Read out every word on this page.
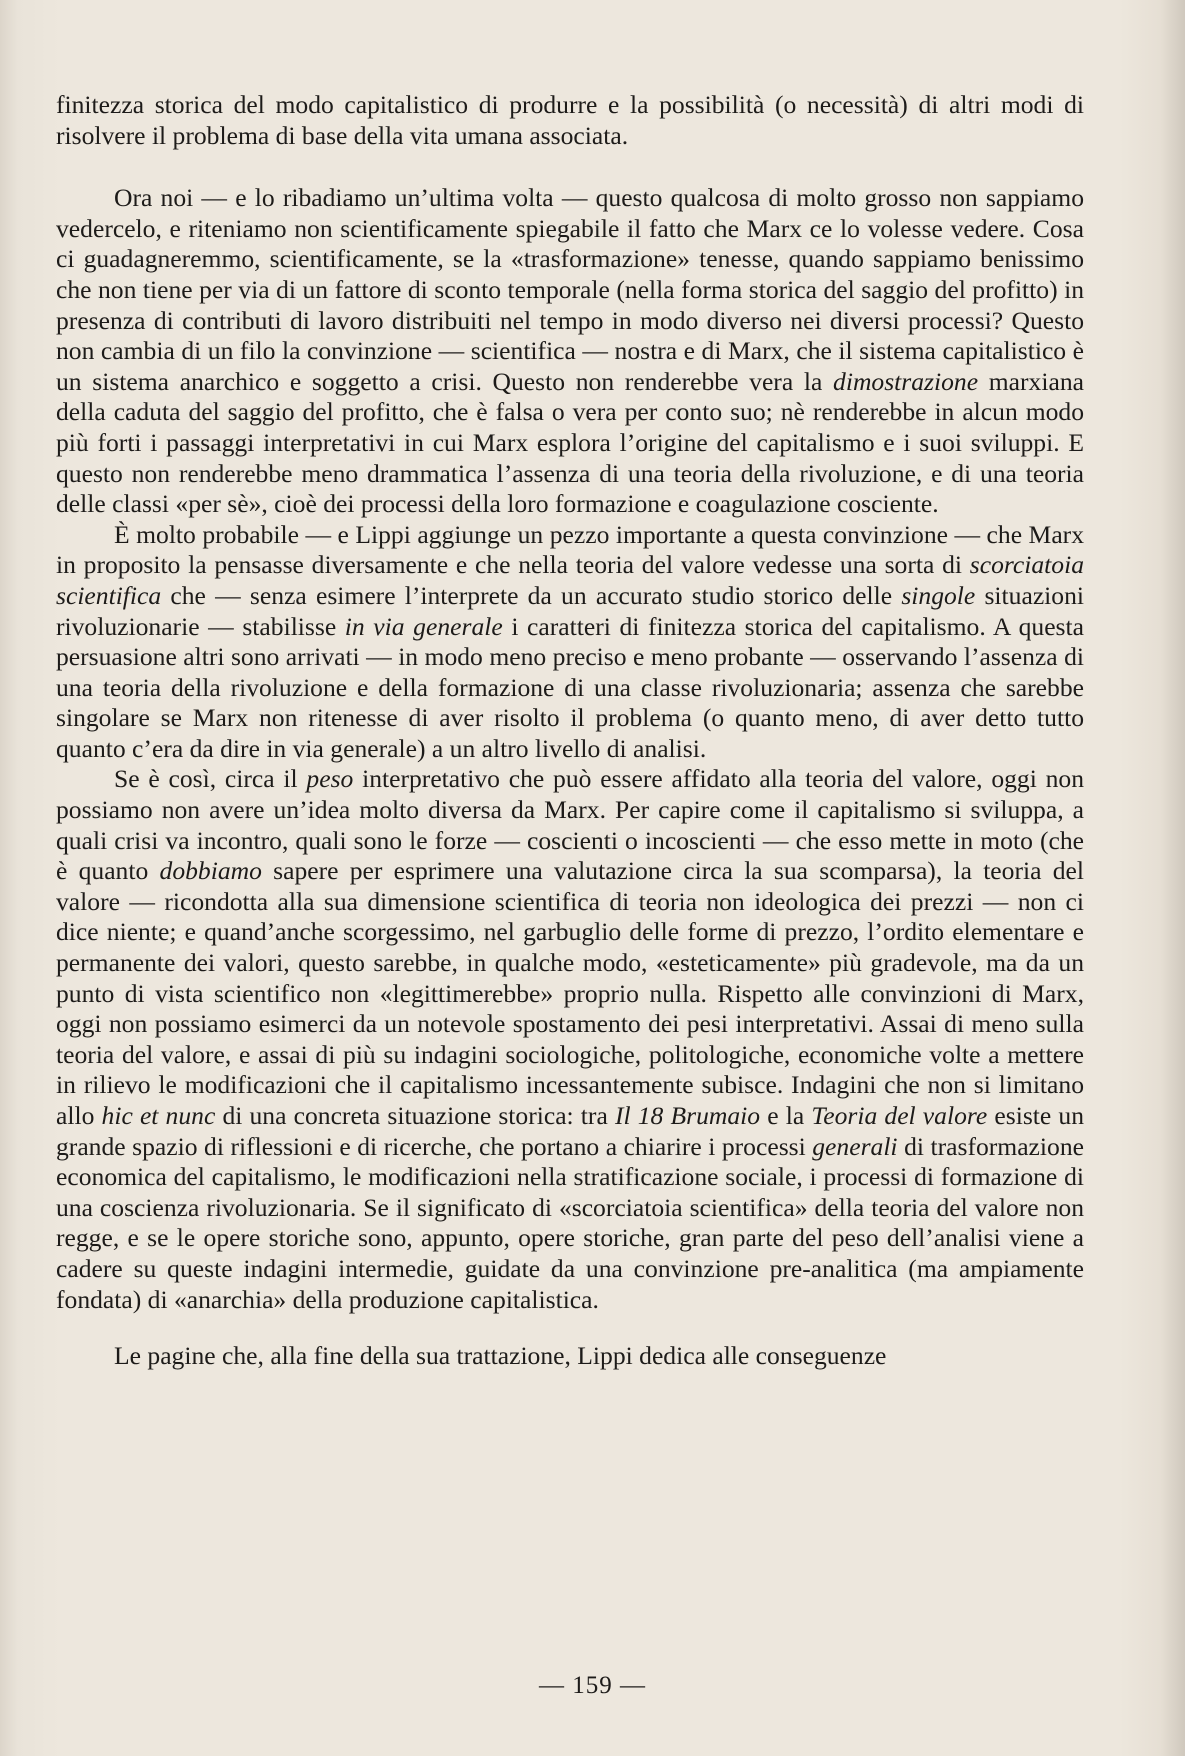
finitezza storica del modo capitalistico di produrre e la possibilità (o necessità) di altri modi di risolvere il problema di base della vita umana associata.

Ora noi — e lo ribadiamo un’ultima volta — questo qualcosa di molto grosso non sappiamo vedercelo, e riteniamo non scientificamente spiegabile il fatto che Marx ce lo volesse vedere. Cosa ci guadagneremmo, scientificamente, se la «trasformazione» tenesse, quando sappiamo benissimo che non tiene per via di un fattore di sconto temporale (nella forma storica del saggio del profitto) in presenza di contributi di lavoro distribuiti nel tempo in modo diverso nei diversi processi? Questo non cambia di un filo la convinzione — scientifica — nostra e di Marx, che il sistema capitalistico è un sistema anarchico e soggetto a crisi. Questo non renderebbe vera la dimostrazione marxiana della caduta del saggio del profitto, che è falsa o vera per conto suo; nè renderebbe in alcun modo più forti i passaggi interpretativi in cui Marx esplora l’origine del capitalismo e i suoi sviluppi. E questo non renderebbe meno drammatica l’assenza di una teoria della rivoluzione, e di una teoria delle classi «per sè», cioè dei processi della loro formazione e coagulazione cosciente.

È molto probabile — e Lippi aggiunge un pezzo importante a questa convinzione — che Marx in proposito la pensasse diversamente e che nella teoria del valore vedesse una sorta di scorciatoia scientifica che — senza esimere l’interprete da un accurato studio storico delle singole situazioni rivoluzionarie — stabilisse in via generale i caratteri di finitezza storica del capitalismo. A questa persuasione altri sono arrivati — in modo meno preciso e meno probante — osservando l’assenza di una teoria della rivoluzione e della formazione di una classe rivoluzionaria; assenza che sarebbe singolare se Marx non ritenesse di aver risolto il problema (o quanto meno, di aver detto tutto quanto c’era da dire in via generale) a un altro livello di analisi.

Se è così, circa il peso interpretativo che può essere affidato alla teoria del valore, oggi non possiamo non avere un’idea molto diversa da Marx. Per capire come il capitalismo si sviluppa, a quali crisi va incontro, quali sono le forze — coscienti o incoscienti — che esso mette in moto (che è quanto dobbiamo sapere per esprimere una valutazione circa la sua scomparsa), la teoria del valore — ricondotta alla sua dimensione scientifica di teoria non ideologica dei prezzi — non ci dice niente; e quand’anche scorgessimo, nel garbuglio delle forme di prezzo, l’ordito elementare e permanente dei valori, questo sarebbe, in qualche modo, «esteticamente» più gradevole, ma da un punto di vista scientifico non «legittimerebbe» proprio nulla. Rispetto alle convinzioni di Marx, oggi non possiamo esimerci da un notevole spostamento dei pesi interpretativi. Assai di meno sulla teoria del valore, e assai di più su indagini sociologiche, politologiche, economiche volte a mettere in rilievo le modificazioni che il capitalismo incessantemente subisce. Indagini che non si limitano allo hic et nunc di una concreta situazione storica: tra Il 18 Brumaio e la Teoria del valore esiste un grande spazio di riflessioni e di ricerche, che portano a chiarire i processi generali di trasformazione economica del capitalismo, le modificazioni nella stratificazione sociale, i processi di formazione di una coscienza rivoluzionaria. Se il significato di «scorciatoia scientifica» della teoria del valore non regge, e se le opere storiche sono, appunto, opere storiche, gran parte del peso dell’analisi viene a cadere su queste indagini intermedie, guidate da una convinzione pre-analitica (ma ampiamente fondata) di «anarchia» della produzione capitalistica.

Le pagine che, alla fine della sua trattazione, Lippi dedica alle conseguenze

— 159 —
